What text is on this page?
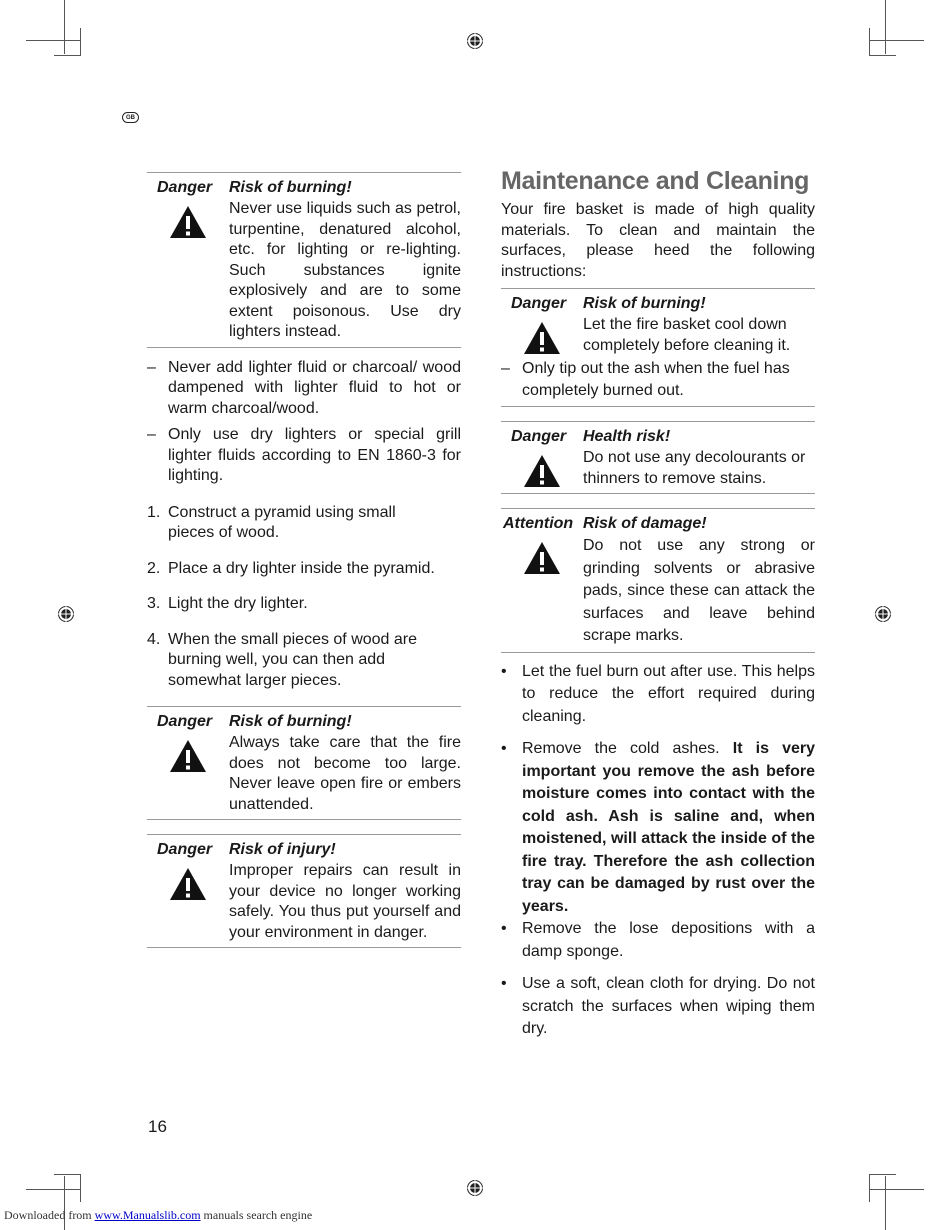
GB
Danger	Risk of burning!
Never use liquids such as petrol, turpentine, denatured alcohol, etc. for lighting or re-lighting. Such substances ignite explosively and are to some extent poisonous. Use dry lighters instead.
– Never add lighter fluid or charcoal/ wood dampened with lighter fluid to hot or warm charcoal/wood.
– Only use dry lighters or special grill lighter fluids according to EN 1860-3 for lighting.
1. Construct a pyramid using small pieces of wood.
2. Place a dry lighter inside the pyramid.
3. Light the dry lighter.
4. When the small pieces of wood are burning well, you can then add somewhat larger pieces.
Danger	Risk of burning!
Always take care that the fire does not become too large. Never leave open fire or embers unattended.
Danger	Risk of injury!
Improper repairs can result in your device no longer working safely. You thus put yourself and your environment in danger.
Maintenance and Cleaning
Your fire basket is made of high quality materials. To clean and maintain the surfaces, please heed the following instructions:
Danger	Risk of burning!
Let the fire basket cool down completely before cleaning it.
– Only tip out the ash when the fuel has completely burned out.
Danger	Health risk!
Do not use any decolourants or thinners to remove stains.
Attention Risk of damage!
Do not use any strong or grinding solvents or abrasive pads, since these can attack the surfaces and leave behind scrape marks.
• Let the fuel burn out after use. This helps to reduce the effort required during cleaning.
• Remove the cold ashes. It is very important you remove the ash before moisture comes into contact with the cold ash. Ash is saline and, when moistened, will attack the inside of the fire tray. Therefore the ash collection tray can be damaged by rust over the years.
• Remove the lose depositions with a damp sponge.
• Use a soft, clean cloth for drying. Do not scratch the surfaces when wiping them dry.
16
Downloaded from www.Manualslib.com manuals search engine
